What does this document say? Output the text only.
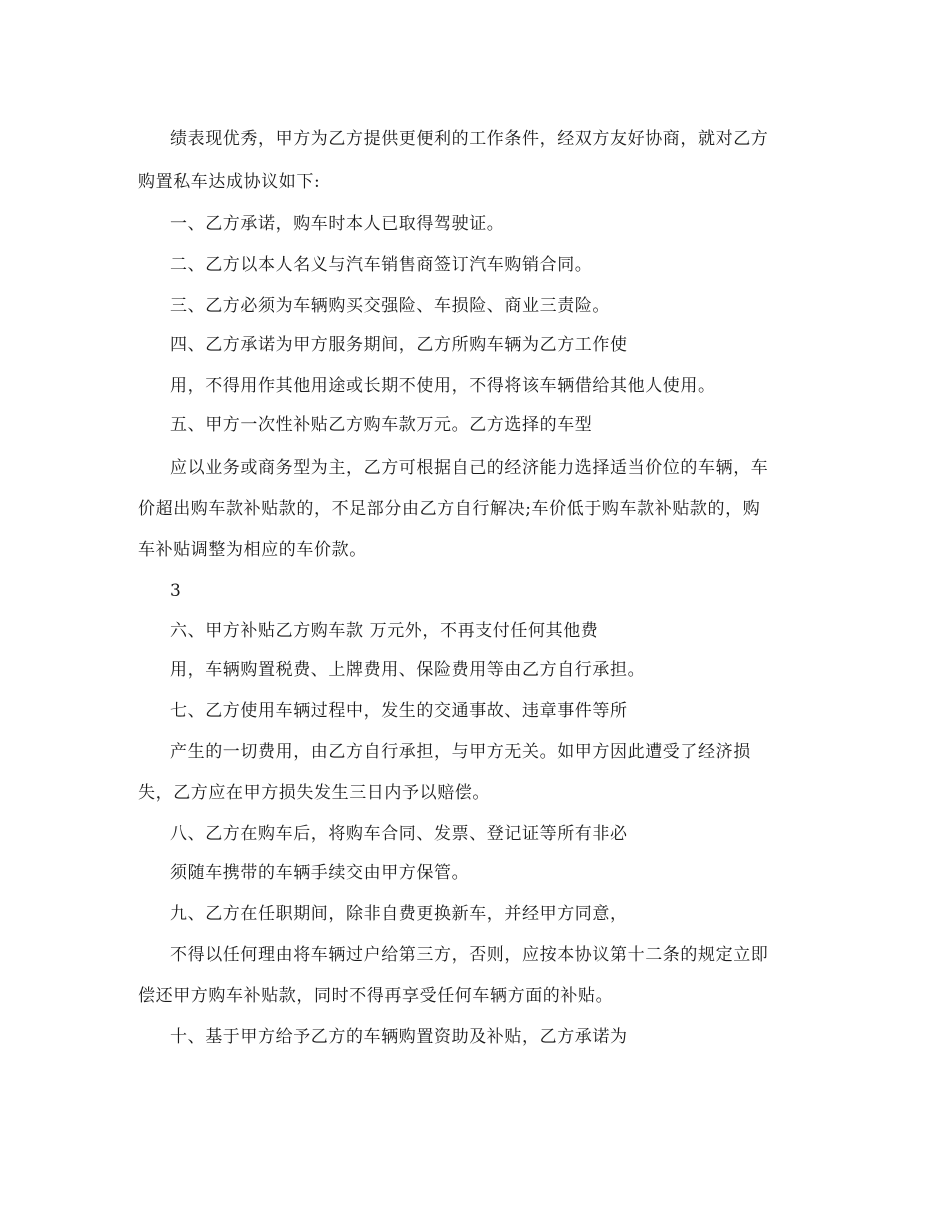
绩表现优秀，甲方为乙方提供更便利的工作条件，经双方友好协商，就对乙方
购置私车达成协议如下:
一、乙方承诺，购车时本人已取得驾驶证。
二、乙方以本人名义与汽车销售商签订汽车购销合同。
三、乙方必须为车辆购买交强险、车损险、商业三责险。
四、乙方承诺为甲方服务期间，乙方所购车辆为乙方工作使
用，不得用作其他用途或长期不使用，不得将该车辆借给其他人使用。
五、甲方一次性补贴乙方购车款万元。乙方选择的车型
应以业务或商务型为主，乙方可根据自己的经济能力选择适当价位的车辆，车
价超出购车款补贴款的，不足部分由乙方自行解决;车价低于购车款补贴款的，购
车补贴调整为相应的车价款。
3
六、甲方补贴乙方购车款 万元外，不再支付任何其他费
用，车辆购置税费、上牌费用、保险费用等由乙方自行承担。
七、乙方使用车辆过程中，发生的交通事故、违章事件等所
产生的一切费用，由乙方自行承担，与甲方无关。如甲方因此遭受了经济损
失，乙方应在甲方损失发生三日内予以赔偿。
八、乙方在购车后，将购车合同、发票、登记证等所有非必
须随车携带的车辆手续交由甲方保管。
九、乙方在任职期间，除非自费更换新车，并经甲方同意，
不得以任何理由将车辆过户给第三方，否则，应按本协议第十二条的规定立即
偿还甲方购车补贴款，同时不得再享受任何车辆方面的补贴。
十、基于甲方给予乙方的车辆购置资助及补贴，乙方承诺为
